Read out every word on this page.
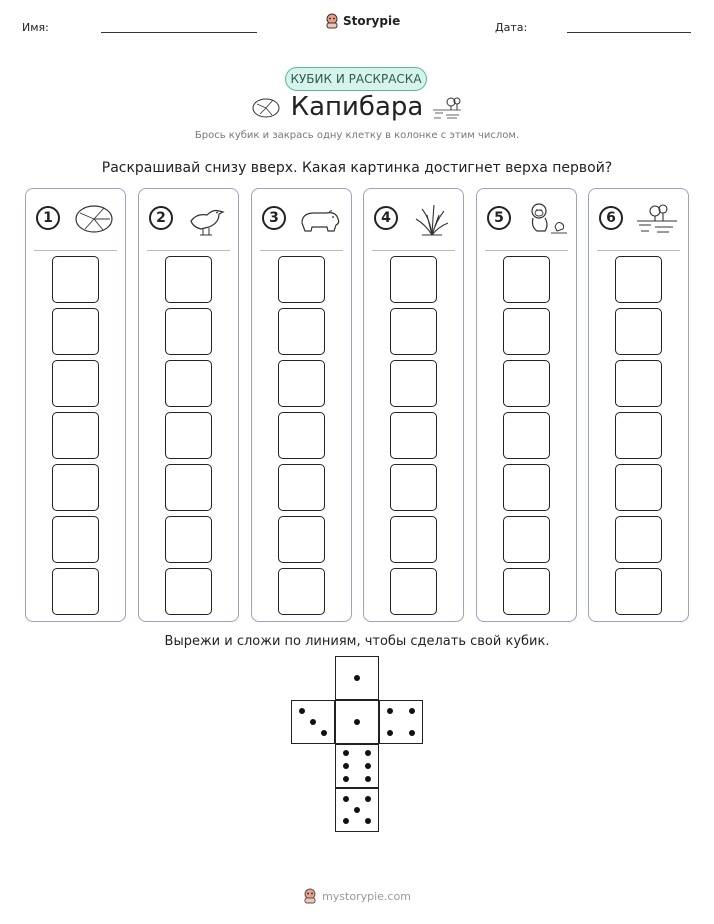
Имя:	Storypie	Дата:
КУБИК И РАСКРАСКА
Капибара
Брось кубик и закрась одну клетку в колонке с этим числом.
Раскрашивай снизу вверх. Какая картинка достигнет верха первой?
1	2	3	4	5	6
Вырежи и сложи по линиям, чтобы сделать свой кубик.
mystorypie.com
